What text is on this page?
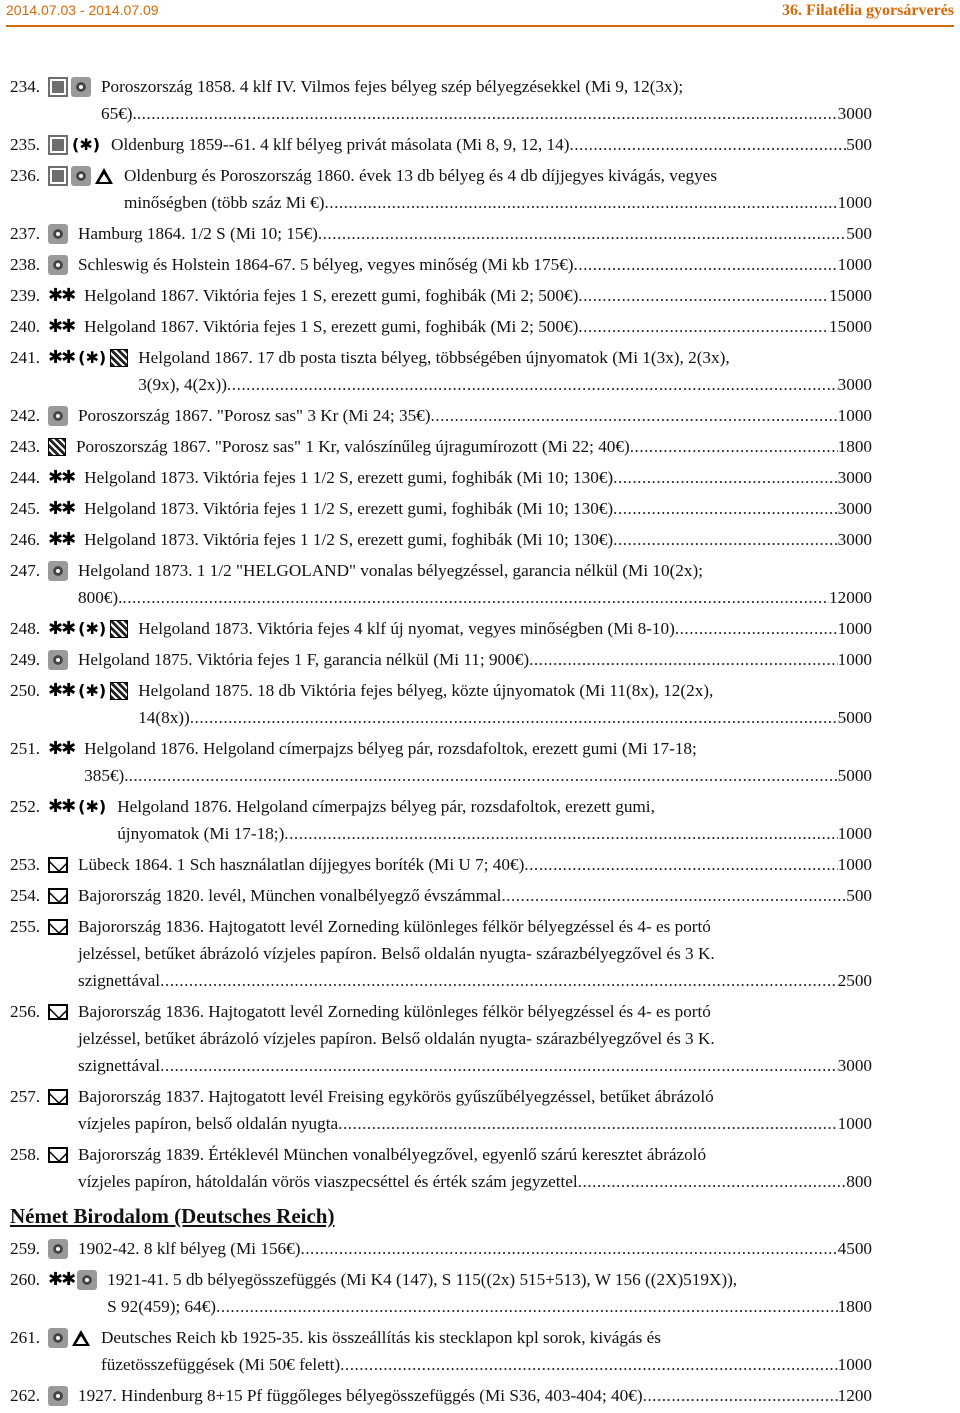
2014.07.03 - 2014.07.09	36. Filatélia gyorsárverés
234.	Poroszország 1858. 4 klf IV. Vilmos fejes bélyeg szép bélyegzésekkel (Mi 9, 12(3x);
65€). .....	3000
235.	(✱) Oldenburg 1859--61. 4 klf bélyeg privát másolata (Mi 8, 9, 12, 14) .....	500
236.	Oldenburg és Poroszország 1860. évek 13 db bélyeg és 4 db díjjegyes kivágás, vegyes
minőségben (több száz Mi €) .....	1000
237.	Hamburg 1864. 1/2 S (Mi 10; 15€) .....	500
238.	Schleswig és Holstein 1864-67. 5 bélyeg, vegyes minőség (Mi kb 175€) .....	1000
239. ✱✱ Helgoland 1867. Viktória fejes 1 S, erezett gumi, foghibák (Mi 2; 500€) .....	15000
240. ✱✱ Helgoland 1867. Viktória fejes 1 S, erezett gumi, foghibák (Mi 2; 500€) .....	15000
241. ✱✱ (✱) Helgoland 1867. 17 db posta tiszta bélyeg, többségében újnyomatok (Mi 1(3x), 2(3x),
3(9x), 4(2x)) .....	3000
242.	Poroszország 1867. "Porosz sas" 3 Kr (Mi 24; 35€) .....	1000
243.	Poroszország 1867. "Porosz sas" 1 Kr, valószínűleg újragumírozott (Mi 22; 40€) .....	1800
244. ✱✱ Helgoland 1873. Viktória fejes 1 1/2 S, erezett gumi, foghibák (Mi 10; 130€) .....	3000
245. ✱✱ Helgoland 1873. Viktória fejes 1 1/2 S, erezett gumi, foghibák (Mi 10; 130€) .....	3000
246. ✱✱ Helgoland 1873. Viktória fejes 1 1/2 S, erezett gumi, foghibák (Mi 10; 130€) .....	3000
247.	Helgoland 1873. 1 1/2 "HELGOLAND" vonalas bélyegzéssel, garancia nélkül (Mi 10(2x);
800€). .....	12000
248. ✱✱ (✱) Helgoland 1873. Viktória fejes 4 klf új nyomat, vegyes minőségben (Mi 8-10) .....	1000
249.	Helgoland 1875. Viktória fejes 1 F, garancia nélkül (Mi 11; 900€) .....	1000
250. ✱✱ (✱) Helgoland 1875. 18 db Viktória fejes bélyeg, közte újnyomatok (Mi 11(8x), 12(2x),
14(8x)) .....	5000
251. ✱✱ Helgoland 1876. Helgoland címerpajzs bélyeg pár, rozsdafoltok, erezett gumi (Mi 17-18;
385€). .....	5000
252. ✱✱ (✱) Helgoland 1876. Helgoland címerpajzs bélyeg pár, rozsdafoltok, erezett gumi,
újnyomatok (Mi 17-18;) .....	1000
253.	Lübeck 1864. 1 Sch használatlan díjjegyes boríték (Mi U 7; 40€) .....	1000
254.	Bajorország 1820. levél, München vonalbélyegző évszámmal .....	500
255.	Bajorország 1836. Hajtogatott levél Zorneding különleges félkör bélyegzéssel és 4- es portó
jelzéssel, betűket ábrázoló vízjeles papíron. Belső oldalán nyugta- szárazbélyegzővel és 3 K.
szignettával .....	2500
256.	Bajorország 1836. Hajtogatott levél Zorneding különleges félkör bélyegzéssel és 4- es portó
jelzéssel, betűket ábrázoló vízjeles papíron. Belső oldalán nyugta- szárazbélyegzővel és 3 K.
szignettával .....	3000
257.	Bajorország 1837. Hajtogatott levél Freising egykörös gyűszűbélyegzéssel, betűket ábrázoló
vízjeles papíron, belső oldalán nyugta .....	1000
258.	Bajorország 1839. Értéklevél München vonalbélyegzővel, egyenlő szárú keresztet ábrázoló
vízjeles papíron, hátoldalán vörös viaszpecséttel és érték szám jegyzettel .....	800
Német Birodalom (Deutsches Reich)
259.	1902-42. 8 klf bélyeg (Mi 156€) .....	4500
260. ✱✱ 1921-41. 5 db bélyegösszefüggés (Mi K4 (147), S 115((2x) 515+513), W 156 ((2X)519X)),
S 92(459); 64€) .....	1800
261.	Deutsches Reich kb 1925-35. kis összeállítás kis stecklapon kpl sorok, kivágás és
füzetösszefüggések (Mi 50€ felett) .....	1000
262.	1927. Hindenburg 8+15 Pf függőleges bélyegösszefüggés (Mi S36, 403-404; 40€) .....	1200
